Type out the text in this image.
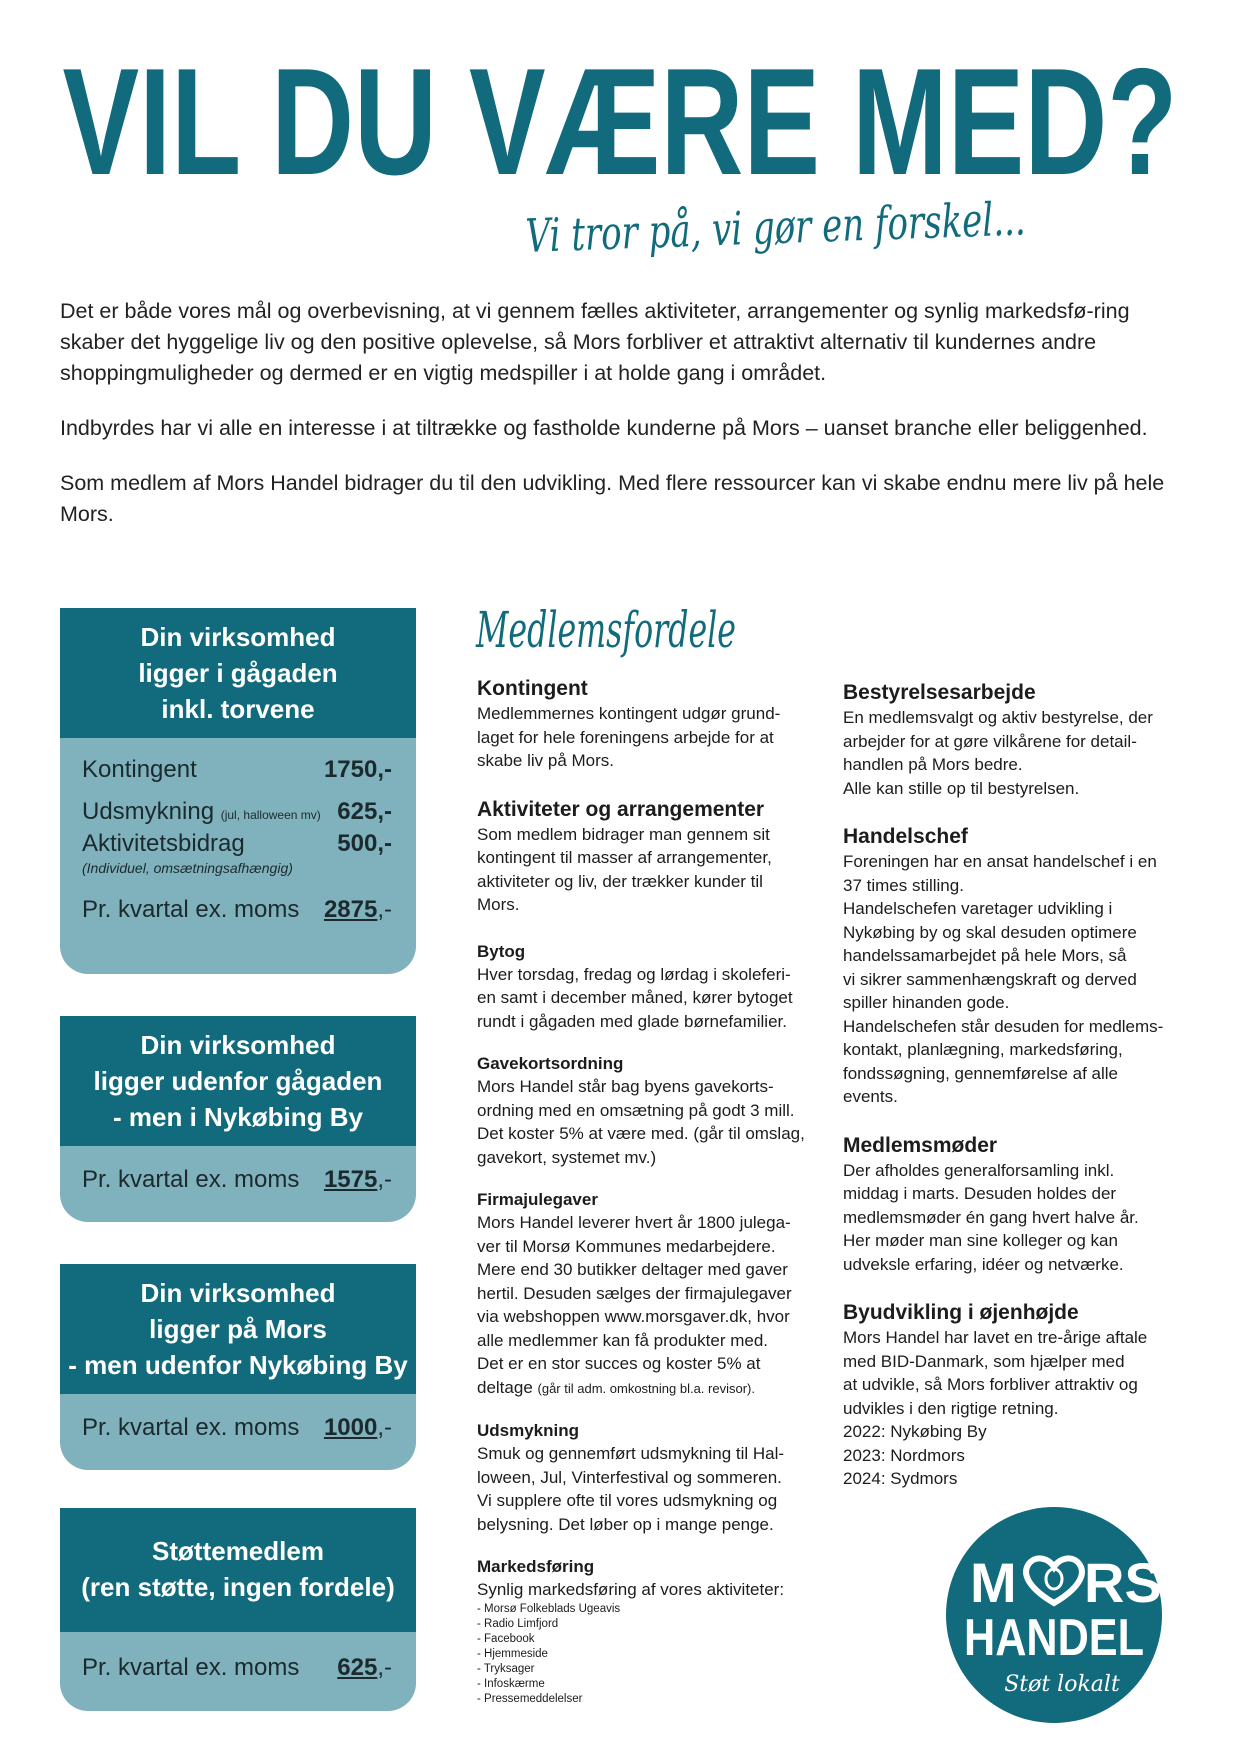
VIL DU VÆRE MED?
Vi tror på, vi gør en forskel...

Det er både vores mål og overbevisning, at vi gennem fælles aktiviteter, arrangementer og synlig markedsfø-ring skaber det hyggelige liv og den positive oplevelse, så Mors forbliver et attraktivt alternativ til kundernes andre shoppingmuligheder og dermed er en vigtig medspiller i at holde gang i området.

Indbyrdes har vi alle en interesse i at tiltrække og fastholde kunderne på Mors – uanset branche eller beliggenhed.

Som medlem af Mors Handel bidrager du til den udvikling. Med flere ressourcer kan vi skabe endnu mere liv på hele Mors.

Din virksomhed
ligger i gågaden
inkl. torvene
Kontingent	1750,-
Udsmykning (jul, halloween mv) 625,-
Aktivitetsbidrag	500,-
(Individuel, omsætningsafhængig)
Pr. kvartal ex. moms 2875,-
Din virksomhed
ligger udenfor gågaden
- men i Nykøbing By
Pr. kvartal ex. moms 1575,-
Din virksomhed
ligger på Mors
- men udenfor Nykøbing By
Pr. kvartal ex. moms 1000,-
Støttemedlem
(ren støtte, ingen fordele)
Pr. kvartal ex. moms 625,-
Medlemsfordele
Kontingent
Medlemmernes kontingent udgør grund-
laget for hele foreningens arbejde for at
skabe liv på Mors.
Aktiviteter og arrangementer
Som medlem bidrager man gennem sit
kontingent til masser af arrangementer,
aktiviteter og liv, der trækker kunder til
Mors.
Bytog
Hver torsdag, fredag og lørdag i skoleferi-
en samt i december måned, kører bytoget
rundt i gågaden med glade børnefamilier.
Gavekortsordning
Mors Handel står bag byens gavekorts-
ordning med en omsætning på godt 3 mill.
Det koster 5% at være med. (går til omslag,
gavekort, systemet mv.)
Firmajulegaver
Mors Handel leverer hvert år 1800 julega-
ver til Morsø Kommunes medarbejdere.
Mere end 30 butikker deltager med gaver
hertil. Desuden sælges der firmajulegaver
via webshoppen www.morsgaver.dk, hvor
alle medlemmer kan få produkter med.
Det er en stor succes og koster 5% at
deltage (går til adm. omkostning bl.a. revisor).
Udsmykning
Smuk og gennemført udsmykning til Hal-
loween, Jul, Vinterfestival og sommeren.
Vi supplere ofte til vores udsmykning og
belysning. Det løber op i mange penge.
Markedsføring
Synlig markedsføring af vores aktiviteter:
- Morsø Folkeblads Ugeavis
- Radio Limfjord
- Facebook
- Hjemmeside
- Tryksager
- Infoskærme
- Pressemeddelelser
Bestyrelsesarbejde
En medlemsvalgt og aktiv bestyrelse, der
arbejder for at gøre vilkårene for detail-
handlen på Mors bedre.
Alle kan stille op til bestyrelsen.
Handelschef
Foreningen har en ansat handelschef i en
37 times stilling.
Handelschefen varetager udvikling i
Nykøbing by og skal desuden optimere
handelssamarbejdet på hele Mors, så
vi sikrer sammenhængskraft og derved
spiller hinanden gode.
Handelschefen står desuden for medlems-
kontakt, planlægning, markedsføring,
fondssøgning, gennemførelse af alle
events.
Medlemsmøder
Der afholdes generalforsamling inkl.
middag i marts. Desuden holdes der
medlemsmøder én gang hvert halve år.
Her møder man sine kolleger og kan
udveksle erfaring, idéer og netværke.
Byudvikling i øjenhøjde
Mors Handel har lavet en tre-årige aftale
med BID-Danmark, som hjælper med
at udvikle, så Mors forbliver attraktiv og
udvikles i den rigtige retning.
2022: Nykøbing By
2023: Nordmors
2024: Sydmors
M RS
HANDEL
Støt lokalt
